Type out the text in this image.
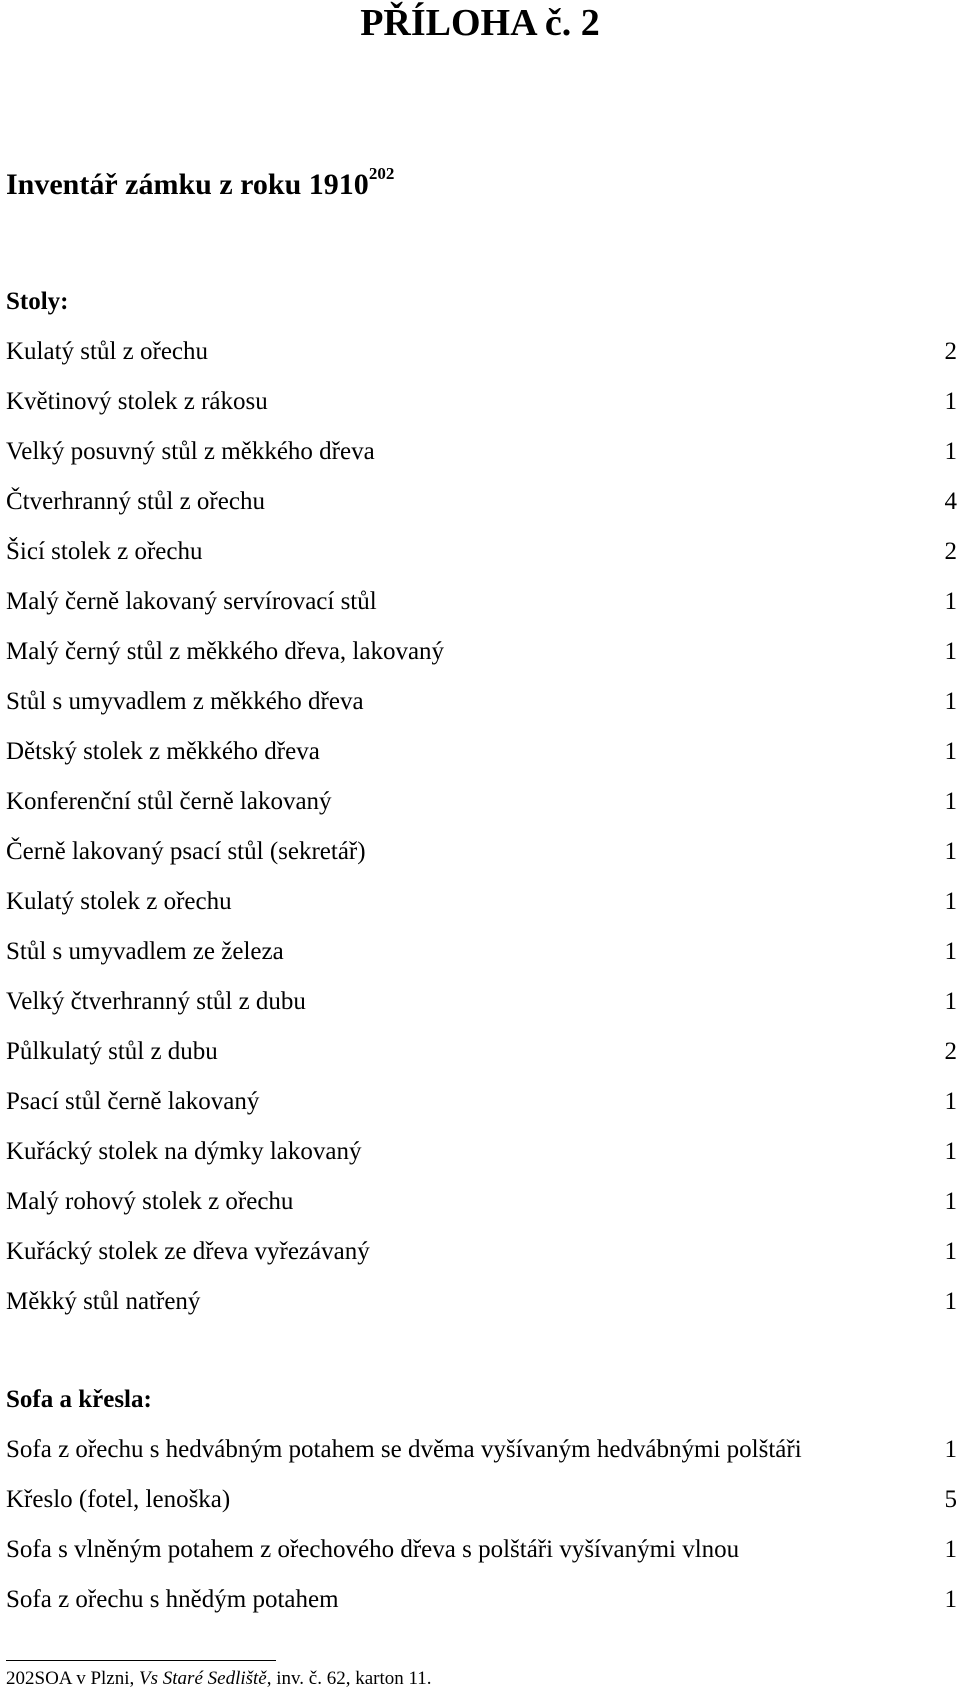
PŘÍLOHA č. 2
Inventář zámku z roku 1910$^{202}$
Stoly:
Kulatý stůl z ořechu	2
Květinový stolek z rákosu	1
Velký posuvný stůl z měkkého dřeva	1
Čtverhranný stůl z ořechu	4
Šicí stolek z ořechu	2
Malý černě lakovaný servírovací stůl	1
Malý černý stůl z měkkého dřeva, lakovaný	1
Stůl s umyvadlem z měkkého dřeva	1
Dětský stolek z měkkého dřeva	1
Konferenční stůl černě lakovaný	1
Černě lakovaný psací stůl (sekretář)	1
Kulatý stolek z ořechu	1
Stůl s umyvadlem ze železa	1
Velký čtverhranný stůl z dubu	1
Půlkulatý stůl z dubu	2
Psací stůl černě lakovaný	1
Kuřácký stolek na dýmky lakovaný	1
Malý rohový stolek z ořechu	1
Kuřácký stolek ze dřeva vyřezávaný	1
Měkký stůl natřený	1
Sofa a křesla:
Sofa z ořechu s hedvábným potahem se dvěma vyšívaným hedvábnými polštáři	1
Křeslo (fotel, lenoška)	5
Sofa s vlněným potahem z ořechového dřeva s polštáři vyšívanými vlnou	1
Sofa z ořechu s hnědým potahem	1
202SOA v Plzni, Vs Staré Sedliště, inv. č. 62, karton 11.
